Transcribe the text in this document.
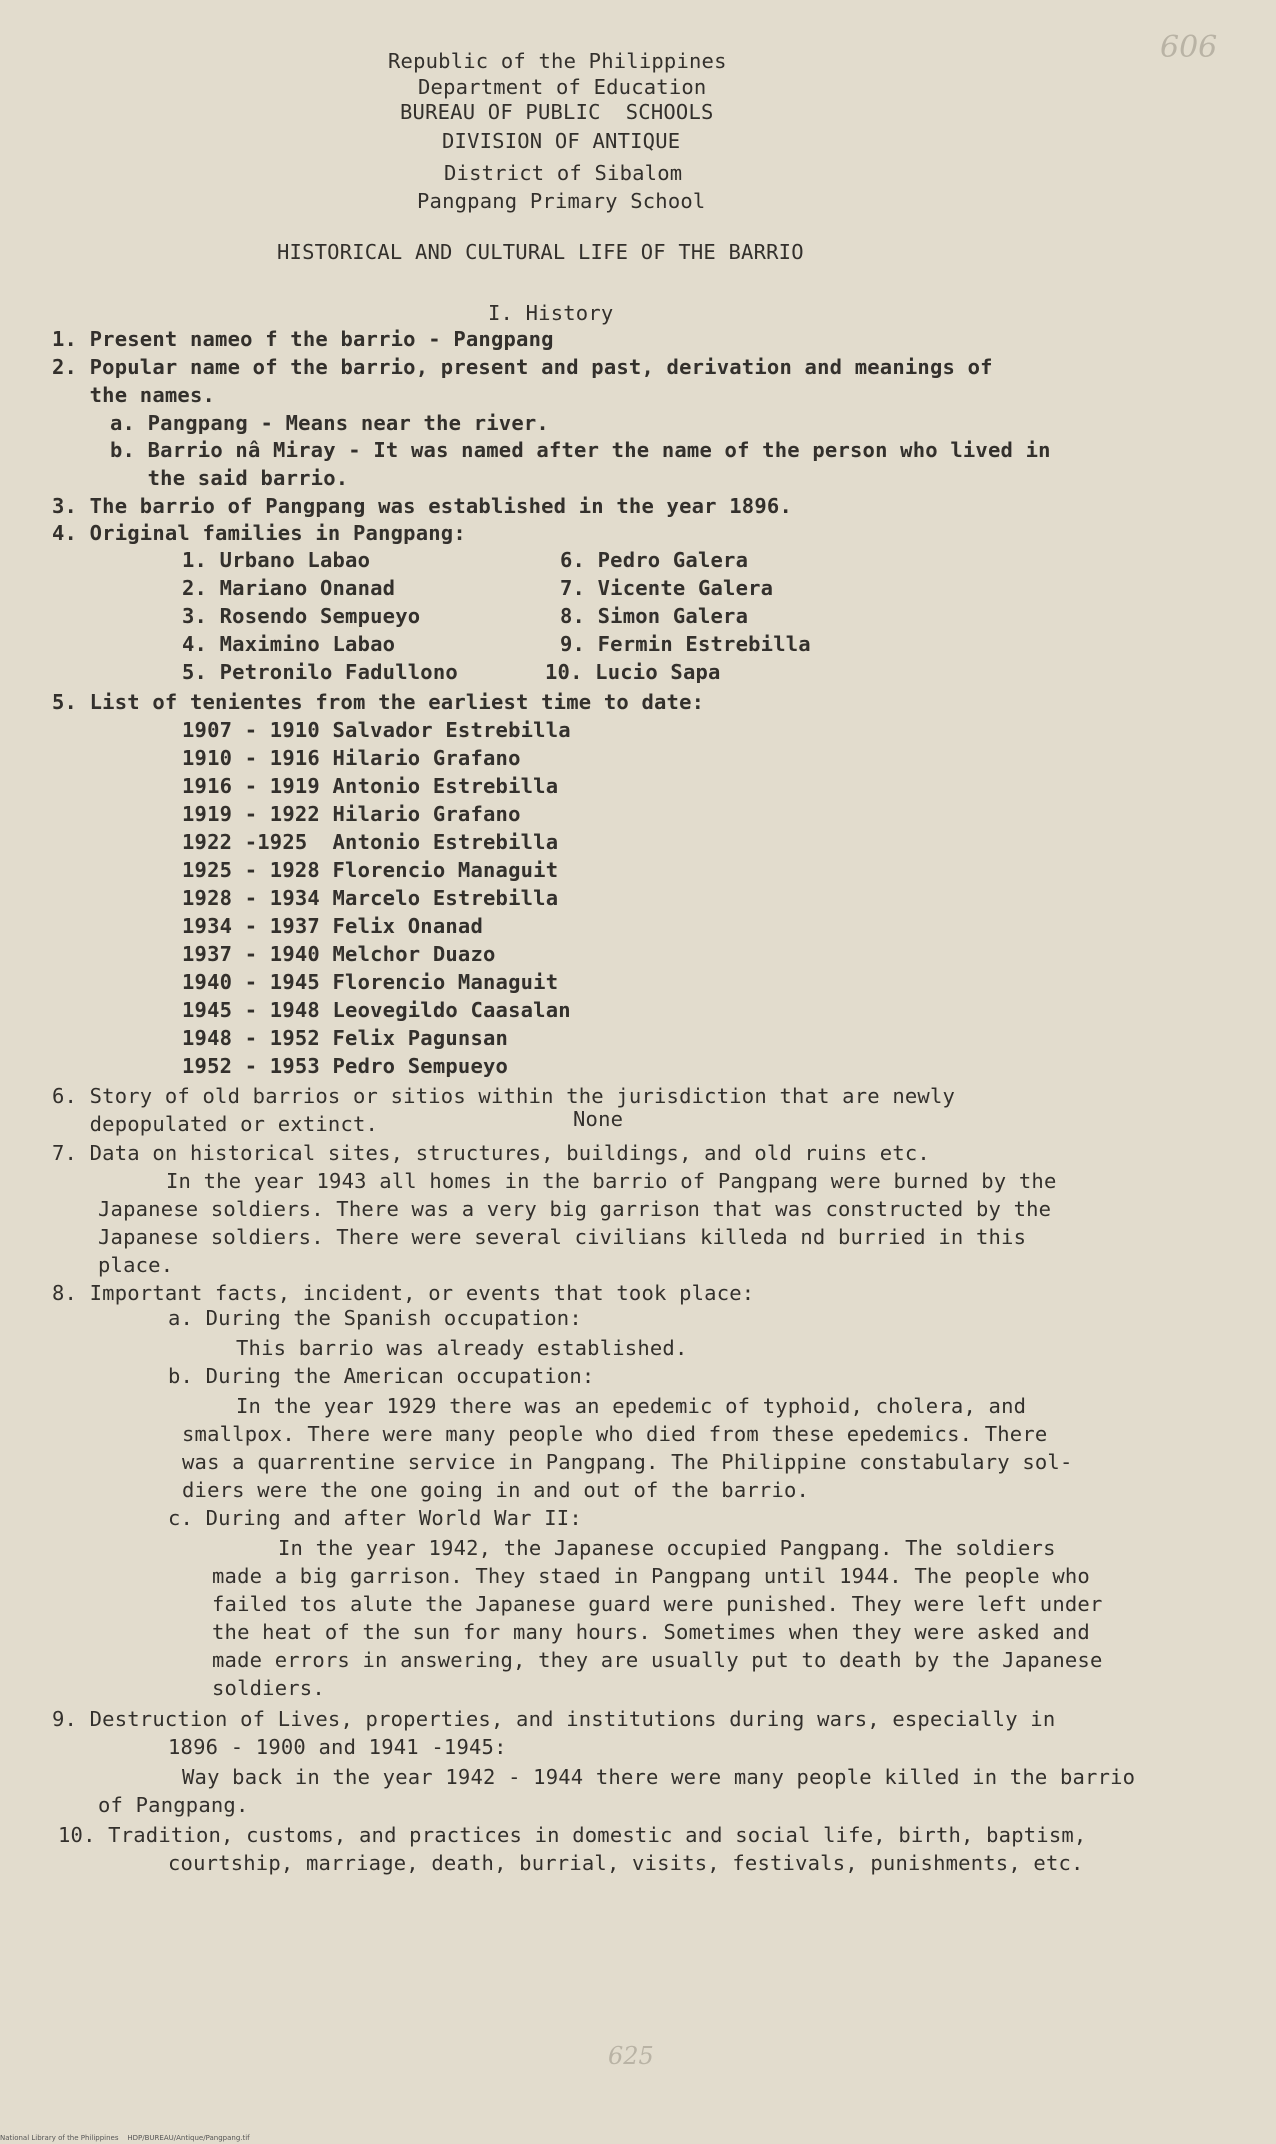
606
Republic of the Philippines
Department of Education
BUREAU OF PUBLIC  SCHOOLS
DIVISION OF ANTIQUE
District of Sibalom
Pangpang Primary School
HISTORICAL AND CULTURAL LIFE OF THE BARRIO
I. History
1. Present nameo f the barrio - Pangpang
2. Popular name of the barrio, present and past, derivation and meanings of
the names.
a. Pangpang - Means near the river.
b. Barrio nâ Miray - It was named after the name of the person who lived in
the said barrio.
3. The barrio of Pangpang was established in the year 1896.
4. Original families in Pangpang:
1. Urbano Labao
2. Mariano Onanad
3. Rosendo Sempueyo
4. Maximino Labao
5. Petronilo Fadullono
6. Pedro Galera
7. Vicente Galera
8. Simon Galera
9. Fermin Estrebilla
10. Lucio Sapa
5. List of tenientes from the earliest time to date:
1907 - 1910 Salvador Estrebilla
1910 - 1916 Hilario Grafano
1916 - 1919 Antonio Estrebilla
1919 - 1922 Hilario Grafano
1922 -1925  Antonio Estrebilla
1925 - 1928 Florencio Managuit
1928 - 1934 Marcelo Estrebilla
1934 - 1937 Felix Onanad
1937 - 1940 Melchor Duazo
1940 - 1945 Florencio Managuit
1945 - 1948 Leovegildo Caasalan
1948 - 1952 Felix Pagunsan
1952 - 1953 Pedro Sempueyo
6. Story of old barrios or sitios within the jurisdiction that are newly
depopulated or extinct.	None
7. Data on historical sites, structures, buildings, and old ruins etc.
In the year 1943 all homes in the barrio of Pangpang were burned by the
Japanese soldiers. There was a very big garrison that was constructed by the
Japanese soldiers. There were several civilians killeda nd burried in this
place.
8. Important facts, incident, or events that took place:
a. During the Spanish occupation:
This barrio was already established.
b. During the American occupation:
In the year 1929 there was an epedemic of typhoid, cholera, and
smallpox. There were many people who died from these epedemics. There
was a quarrentine service in Pangpang. The Philippine constabulary sol-
diers were the one going in and out of the barrio.
c. During and after World War II:
In the year 1942, the Japanese occupied Pangpang. The soldiers
made a big garrison. They staed in Pangpang until 1944. The people who
failed tos alute the Japanese guard were punished. They were left under
the heat of the sun for many hours. Sometimes when they were asked and
made errors in answering, they are usually put to death by the Japanese
soldiers.
9. Destruction of Lives, properties, and institutions during wars, especially in
1896 - 1900 and 1941 -1945:
Way back in the year 1942 - 1944 there were many people killed in the barrio
of Pangpang.
10. Tradition, customs, and practices in domestic and social life, birth, baptism,
courtship, marriage, death, burrial, visits, festivals, punishments, etc.
625
National Library of the Philippines    HDP/BUREAU/Antique/Pangpang.tif
